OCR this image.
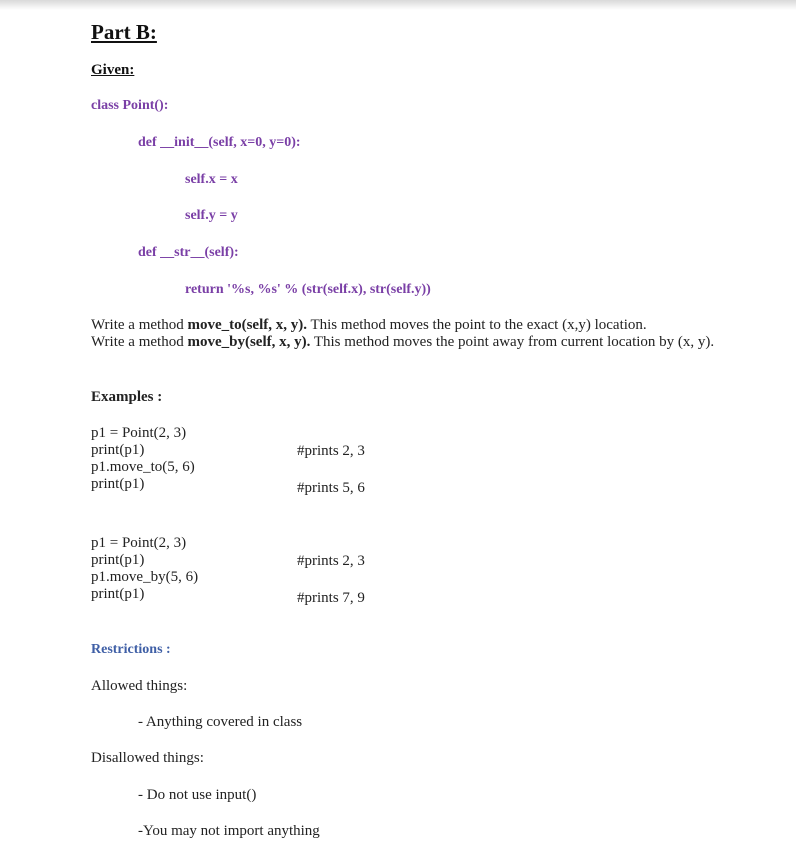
Part B:
Given:
class Point():
def __init__(self, x=0, y=0):
self.x = x
self.y = y
def __str__(self):
return '%s, %s' % (str(self.x), str(self.y))
Write a method move_to(self, x, y). This method moves the point to the exact (x,y) location.
Write a method move_by(self, x, y). This method moves the point away from current location by (x, y).
Examples :
p1 = Point(2, 3)
print(p1)
p1.move_to(5, 6)
print(p1)
#prints 2, 3
#prints 5, 6
p1 = Point(2, 3)
print(p1)
p1.move_by(5, 6)
print(p1)
#prints 2, 3
#prints 7, 9
Restrictions :
Allowed things:
- Anything covered in class
Disallowed things:
- Do not use input()
-You may not import anything
